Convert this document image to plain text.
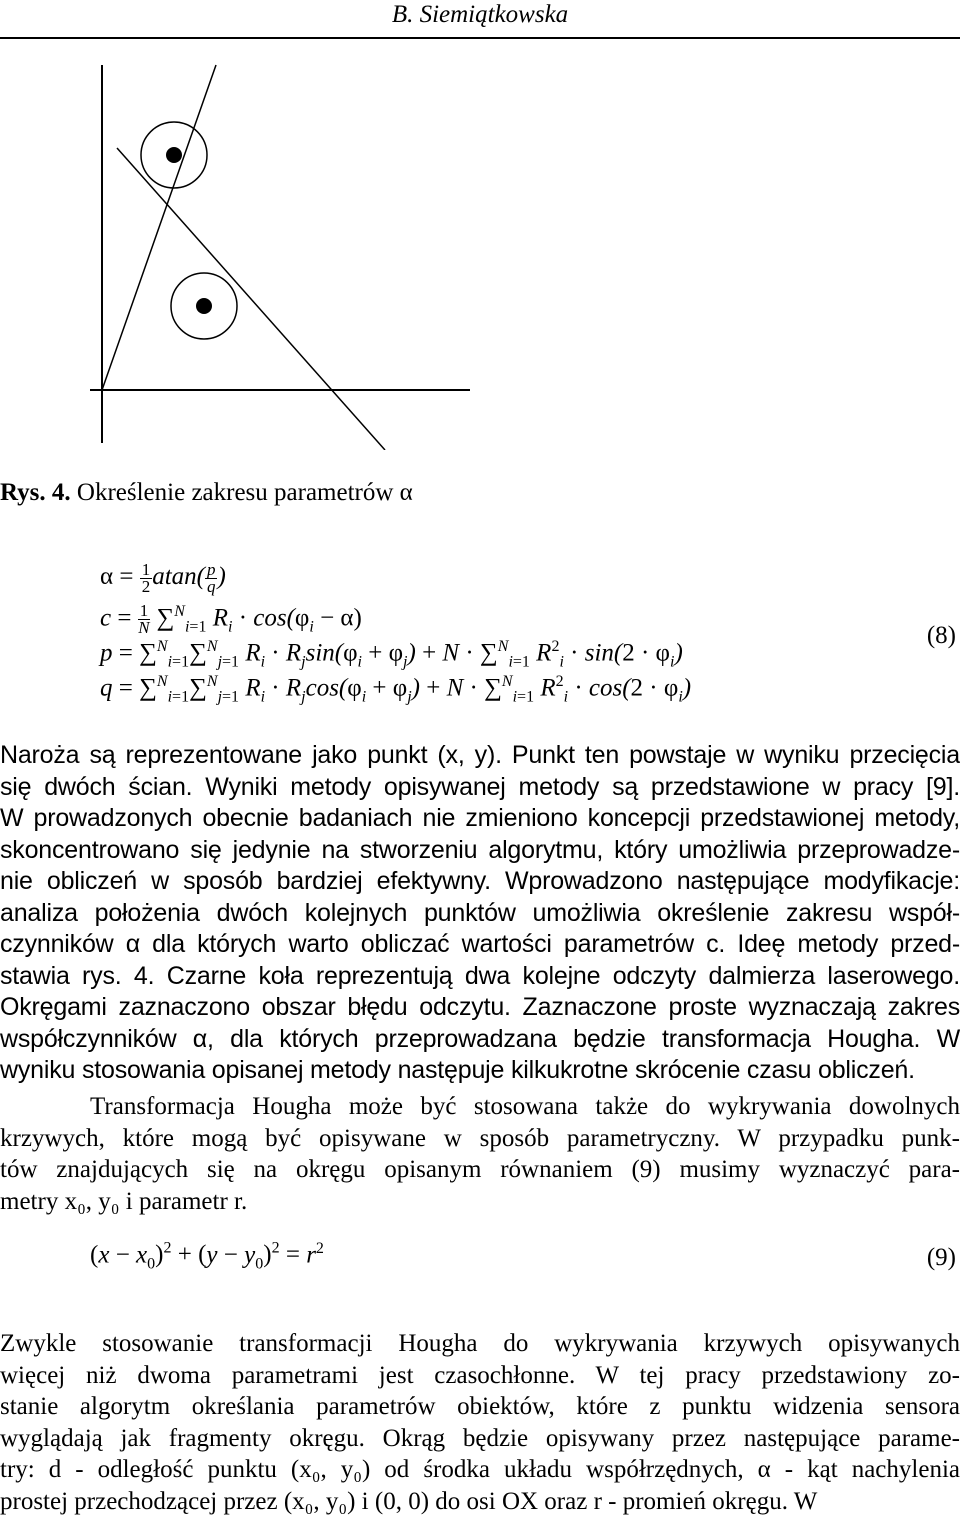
B. Siemiątkowska
Rys. 4. Określenie zakresu parametrów α
$\alpha = \frac{1}{2} atan( \frac{p}{q}$ )
$c = \frac{1}{N} \sum^N_{i=1}$ $R_i \cdot \cos(\varphi_i - \alpha)$
p = ∑$^N_{i=1}$∑$^N_{j=1}$ $R_i \cdot R_j\sin(\varphi_i + \varphi_j) + N \cdot \sum^N_{i=1}$ $R^2_i \cdot \sin(2 \cdot \varphi_i)$
q = ∑$^N_{i=1}$∑$^N_{j=1}$ $R_i \cdot R_j\cos(\varphi_i + \varphi_j) + N \cdot \sum^N_{i=1}$ $R^2_i \cdot \cos(2 \cdot \varphi_i)$
(8)
Naroża są reprezentowane jako punkt (x, y). Punkt ten powstaje w wyniku przecięcia
się dwóch ścian. Wyniki metody opisywanej metody są przedstawione w pracy [9].
W prowadzonych obecnie badaniach nie zmieniono koncepcji przedstawionej metody,
skoncentrowano się jedynie na stworzeniu algorytmu, który umożliwia przeprowadze-
nie obliczeń w sposób bardziej efektywny. Wprowadzono następujące modyfikacje:
analiza położenia dwóch kolejnych punktów umożliwia określenie zakresu współ-
czynników α dla których warto obliczać wartości parametrów c. Ideę metody przed-
stawia rys. 4. Czarne koła reprezentują dwa kolejne odczyty dalmierza laserowego.
Okręgami zaznaczono obszar błędu odczytu. Zaznaczone proste wyznaczają zakres
współczynników α, dla których przeprowadzana będzie transformacja Hougha. W
wyniku stosowania opisanej metody następuje kilkukrotne skrócenie czasu obliczeń.
Transformacja Hougha może być stosowana także do wykrywania dowolnych
krzywych, które mogą być opisywane w sposób parametryczny. W przypadku punk-
tów znajdujących się na okręgu opisanym równaniem (9) musimy wyznaczyć para-
metry x₀, y₀ i parametr r.
$(x - x_0)^2 + (y - y_0)^2 = r^2$	(9)
Zwykle stosowanie transformacji Hougha do wykrywania krzywych opisywanych
więcej niż dwoma parametrami jest czasochłonne. W tej pracy przedstawiony zo-
stanie algorytm określania parametrów obiektów, które z punktu widzenia sensora
wyglądają jak fragmenty okręgu. Okrąg będzie opisywany przez następujące parame-
try: d - odległość punktu (x₀, y₀) od środka układu współrzędnych, α - kąt nachylenia
prostej przechodzącej przez (x₀, y₀) i (0, 0) do osi OX oraz r - promień okręgu. W
